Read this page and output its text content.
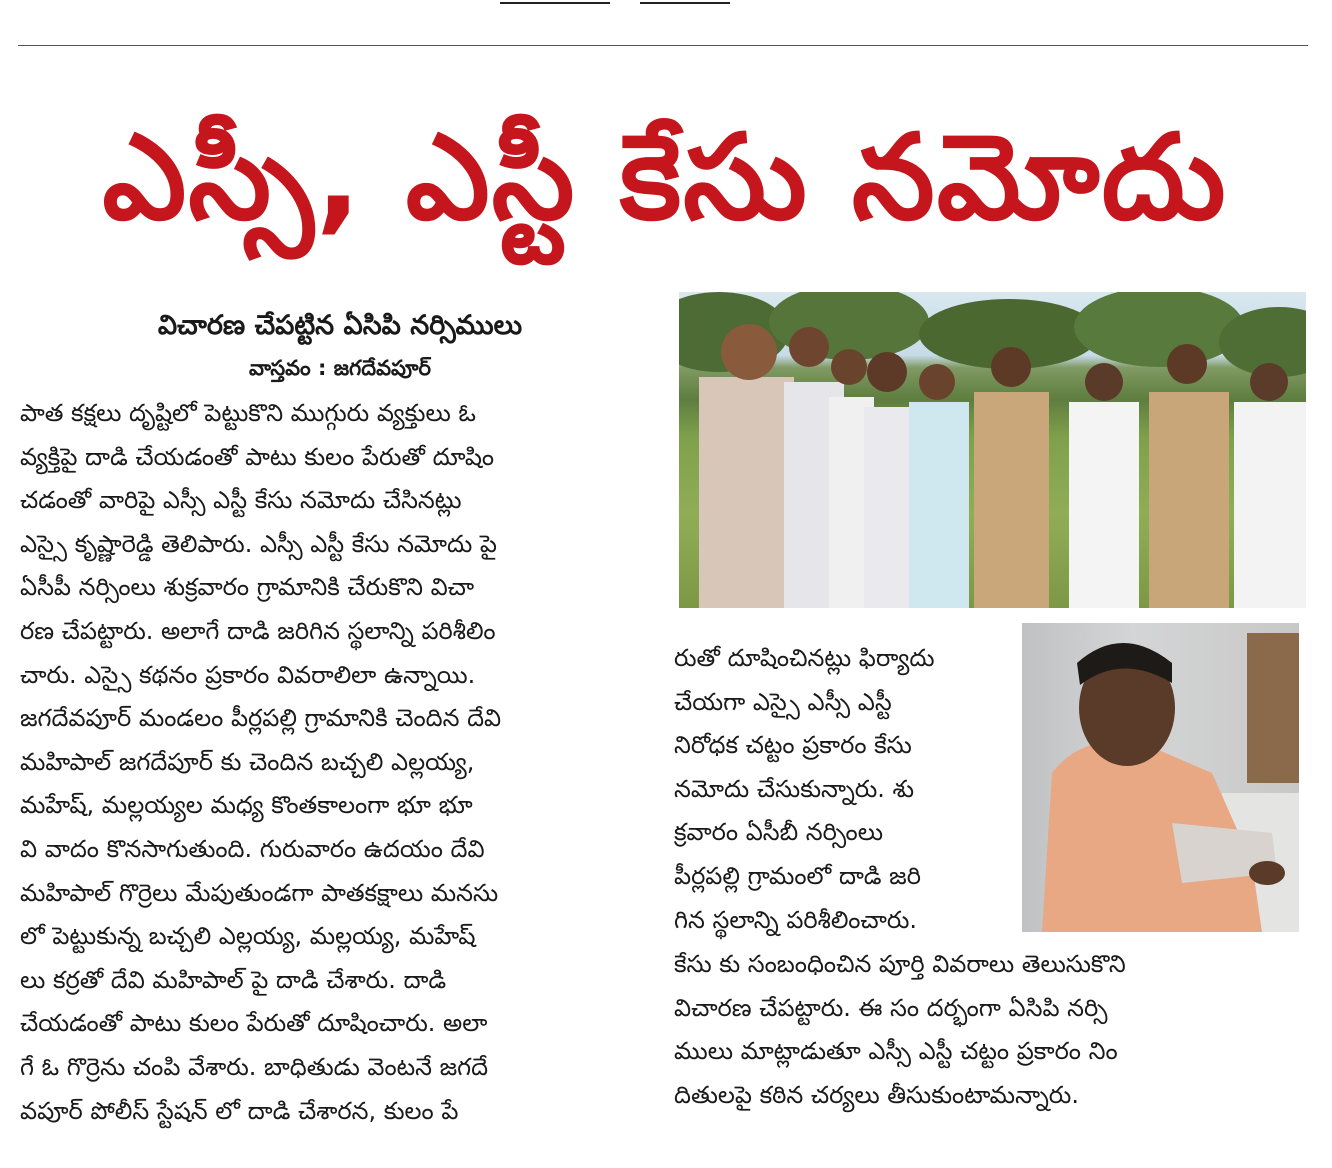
ఎస్సీ, ఎస్టీ కేసు నమోదు
విచారణ చేపట్టిన ఏసిపి నర్సిములు
వాస్తవం : జగదేవపూర్
పాత కక్షలు దృష్టిలో పెట్టుకొని ముగ్గురు వ్యక్తులు ఓ
వ్యక్తిపై దాడి చేయడంతో పాటు కులం పేరుతో దూషిం
చడంతో వారిపై ఎస్సీ ఎస్టీ కేసు నమోదు చేసినట్లు
ఎస్సై కృష్ణారెడ్డి తెలిపారు. ఎస్సీ ఎస్టీ కేసు నమోదు పై
ఏసీపీ నర్సింలు శుక్రవారం గ్రామానికి చేరుకొని విచా
రణ చేపట్టారు. అలాగే దాడి జరిగిన స్థలాన్ని పరిశీలిం
చారు. ఎస్సై కథనం ప్రకారం వివరాలిలా ఉన్నాయి.
జగదేవపూర్ మండలం పీర్లపల్లి గ్రామానికి చెందిన దేవి
మహిపాల్ జగదేపూర్ కు చెందిన బచ్చలి ఎల్లయ్య,
మహేష్, మల్లయ్యల మధ్య కొంతకాలంగా భూ భూ
వి వాదం కొనసాగుతుంది. గురువారం ఉదయం దేవి
మహిపాల్ గొర్రెలు మేపుతుండగా పాతకక్షాలు మనసు
లో పెట్టుకున్న బచ్చలి ఎల్లయ్య, మల్లయ్య, మహేష్
లు కర్రతో దేవి మహిపాల్ పై దాడి చేశారు. దాడి
చేయడంతో పాటు కులం పేరుతో దూషించారు. అలా
గే ఓ గొర్రెను చంపి వేశారు. బాధితుడు వెంటనే జగదే
వపూర్ పోలీస్ స్టేషన్ లో దాడి చేశారన, కులం పే
రుతో దూషించినట్లు ఫిర్యాదు
చేయగా ఎస్సై ఎస్సీ ఎస్టీ
నిరోధక చట్టం ప్రకారం కేసు
నమోదు చేసుకున్నారు. శు
క్రవారం ఏసీబీ నర్సింలు
పీర్లపల్లి గ్రామంలో దాడి జరి
గిన స్థలాన్ని పరిశీలించారు.
కేసు కు సంబంధించిన పూర్తి వివరాలు తెలుసుకొని
విచారణ చేపట్టారు. ఈ సం దర్భంగా ఏసిపి నర్సి
ములు మాట్లాడుతూ ఎస్సీ ఎస్టీ చట్టం ప్రకారం నిం
దితులపై కఠిన చర్యలు తీసుకుంటామన్నారు.
